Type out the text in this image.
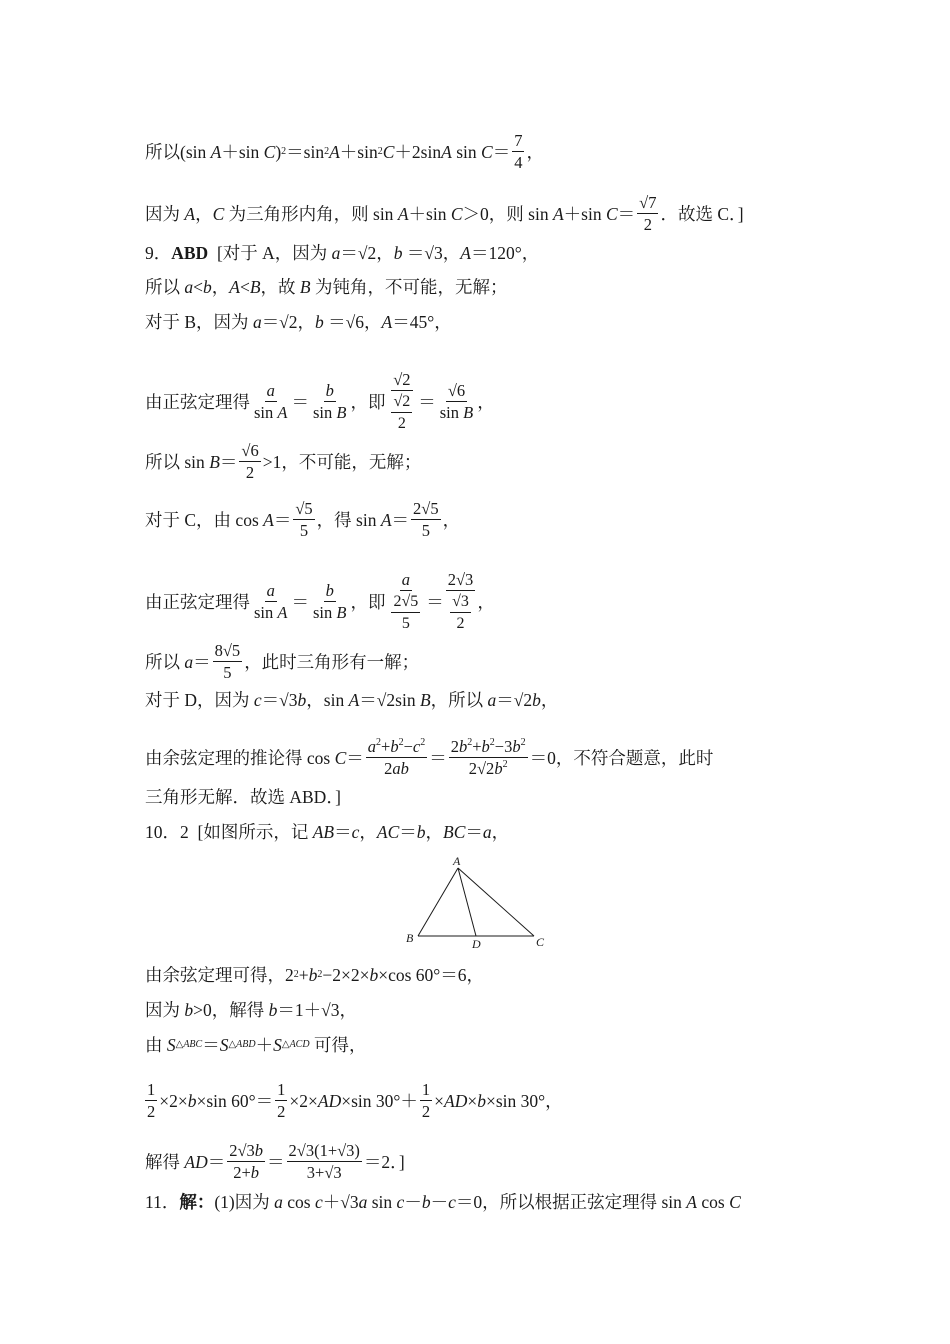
所以(sin A ＋sin C ) 2 ＝sin 2 A ＋sin 2 C ＋2sin A $\sin C = \frac{7}{4}$ ，
因为 A ， C 为三角形内角，则 sin A ＋sin C ＞0，则 sin A ＋sin $C = \frac{√7}{2}$ ．故选 C．]
9． ABD [对于 A，因为 a ＝√2， b ＝√3， A ＝120°，
所以 a < b ， A < B ，故 B 为钝角，不可能，无解；
对于 B，因为 a ＝√2， b ＝√6， A ＝45°，
由正弦定理得 $\frac{a}{\text{sin A}} = \frac{b}{\text{sin B}}$ ，即 $\frac{√2}{\frac{√2}{2}} = \frac{√6}{\text{sin B}}$ ，
所以 $\sin B = \frac{√6}{2} >1$，不可能，无解；
对于 C，由 $\cos A = \frac{√5}{5}$ ，得 $\sin A = \frac{2√5}{5}$ ，
由正弦定理得 $\frac{a}{\text{sin A}} = \frac{b}{\text{sin B}}$ ，即 $\frac{a}{\frac{2√5}{5}} = \frac{2√3}{\frac{√3}{2}}$ ，
所以 $a = \frac{8√5}{5}$ ，此时三角形有一解；
对于 D，因为 c ＝√3 b ，sin A ＝√2sin B ，所以 a ＝√2 b ，
由余弦定理的推论得 $\cos C = \frac{a^2+b^2-c^2}{2ab} = \frac{2b^2+b^2-3b^2}{2√2b^2} =0$，不符合题意，此时
三角形无解．故选 ABD．]
10．2  [如图所示，记 AB ＝ c ， AC ＝ b ， BC ＝ a ，
A
B	C
D
由余弦定理可得，2 2 + b 2 −2×2× b ×cos 60°＝6，
因为 b >0，解得 b ＝1＋√3，
由 S △ABC ＝ S △ABD ＋ S △ACD 可得，
$\frac{1}{2} \times 2\times b \times\sin$ $60^\circ= \frac{1}{2} \times 2\times$ AD ×sin $30^\circ+ \frac{1}{2}$ × AD × b ×sin 30°，
解得 AD ＝ $\frac{2√3b}{2+b} = \frac{2√3(1+√3)}{3+√3} =2$．]
11． 解： (1)因为 a cos c ＋√3 a sin c － b － c ＝0，所以根据正弦定理得 sin A cos C
